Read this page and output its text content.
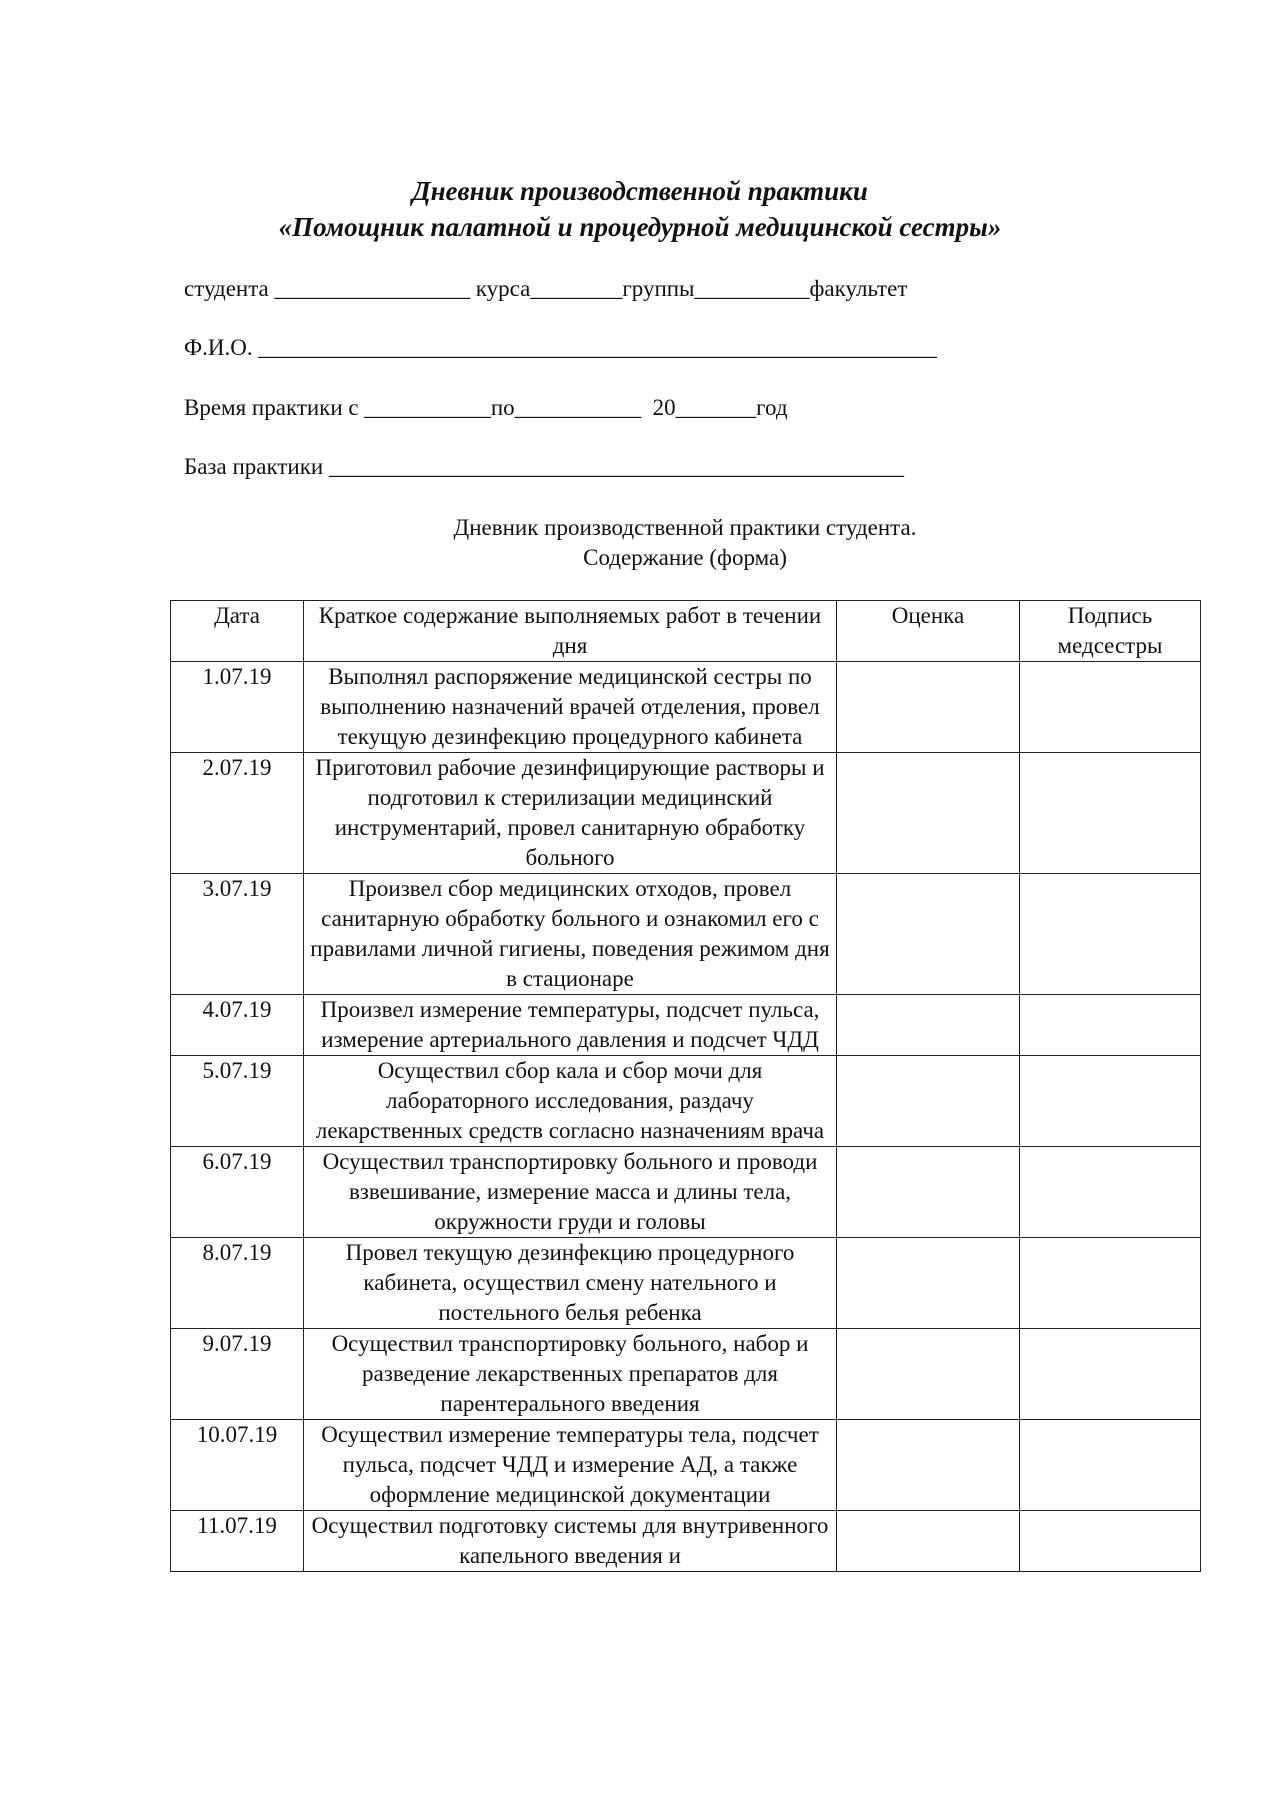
Дневник производственной практики
«Помощник палатной и процедурной медицинской сестры»

студента _________________ курса________группы__________факультет

Ф.И.О. ___________________________________________________________

Время практики с ___________по___________  20_______год

База практики __________________________________________________

Дневник производственной практики студента.
Содержание (форма)

Дата	Краткое содержание выполняемых работ в течении дня	Оценка	Подпись медсестры
1.07.19	Выполнял распоряжение медицинской сестры по выполнению назначений врачей отделения, провел текущую дезинфекцию процедурного кабинета		
2.07.19	Приготовил рабочие дезинфицирующие растворы и подготовил к стерилизации медицинский инструментарий, провел санитарную обработку больного		
3.07.19	Произвел сбор медицинских отходов, провел санитарную обработку больного и ознакомил его с правилами личной гигиены, поведения режимом дня в стационаре		
4.07.19	Произвел измерение температуры, подсчет пульса, измерение артериального давления и подсчет ЧДД		
5.07.19	Осуществил сбор кала и сбор мочи для лабораторного исследования, раздачу лекарственных средств согласно назначениям врача		
6.07.19	Осуществил транспортировку больного и проводи взвешивание, измерение масса и длины тела, окружности груди и головы		
8.07.19	Провел текущую дезинфекцию процедурного кабинета, осуществил смену нательного и постельного белья ребенка		
9.07.19	Осуществил транспортировку больного, набор и разведение лекарственных препаратов для парентерального введения		
10.07.19	Осуществил измерение температуры тела, подсчет пульса, подсчет ЧДД и измерение АД, а также оформление медицинской документации		
11.07.19	Осуществил подготовку системы для внутривенного капельного введения и		
